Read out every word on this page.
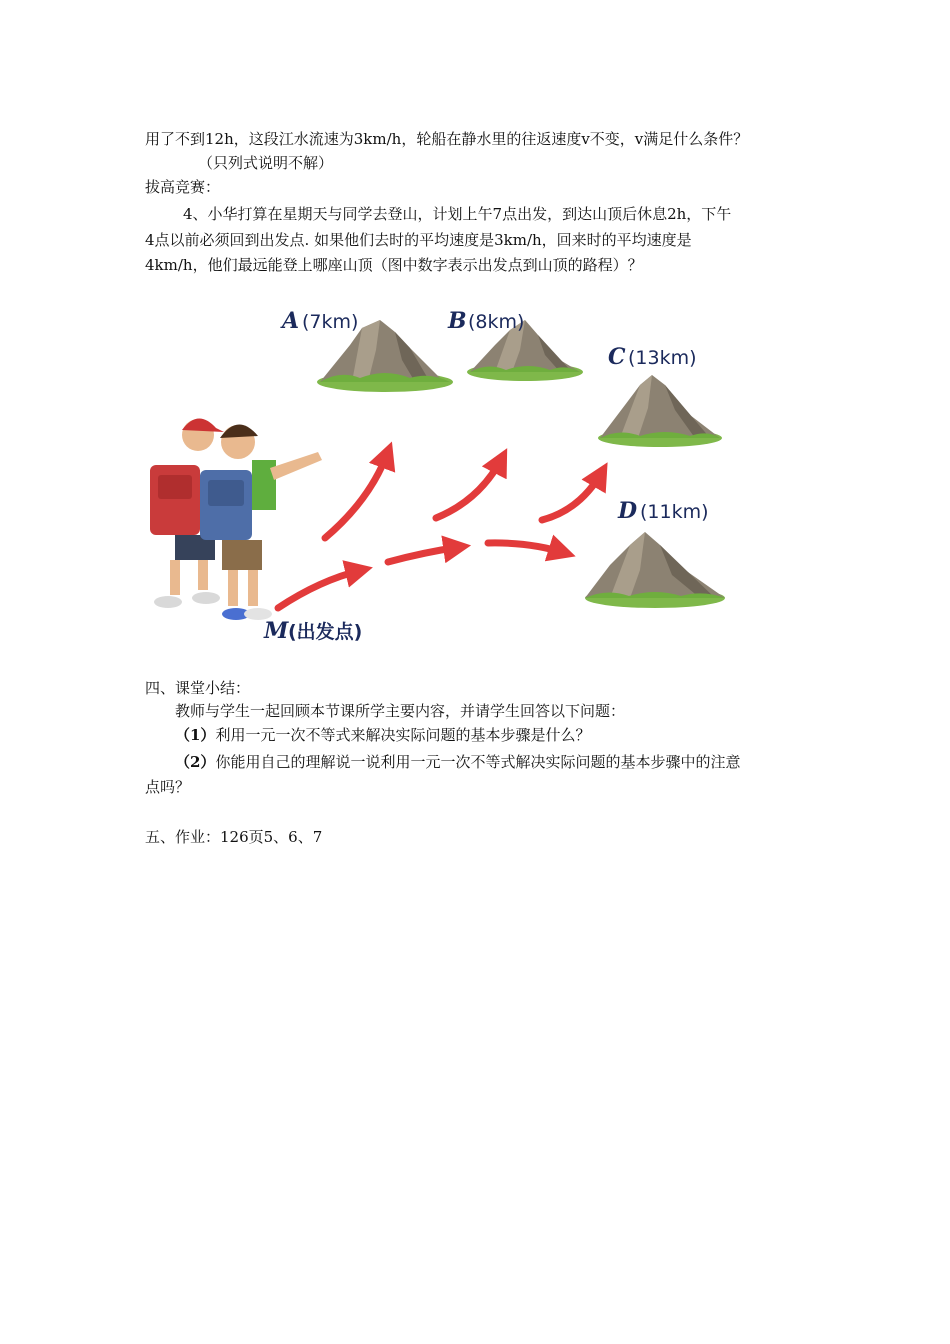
用了不到12h，这段江水流速为3km/h，轮船在静水里的往返速度v不变，v满足什么条件？
（只列式说明不解）
拔高竞赛：
4、小华打算在星期天与同学去登山，计划上午7点出发，到达山顶后休息2h，下午
4点以前必须回到出发点. 如果他们去时的平均速度是3km/h，回来时的平均速度是
4km/h，他们最远能登上哪座山顶（图中数字表示出发点到山顶的路程）？
A (7km)	B (8km)
C (13km)
D (11km)
M (出发点)
四、课堂小结：
教师与学生一起回顾本节课所学主要内容，并请学生回答以下问题：
（1）利用一元一次不等式来解决实际问题的基本步骤是什么？
（2）你能用自己的理解说一说利用一元一次不等式解决实际问题的基本步骤中的注意
点吗？
五、作业：126页5、6、7
